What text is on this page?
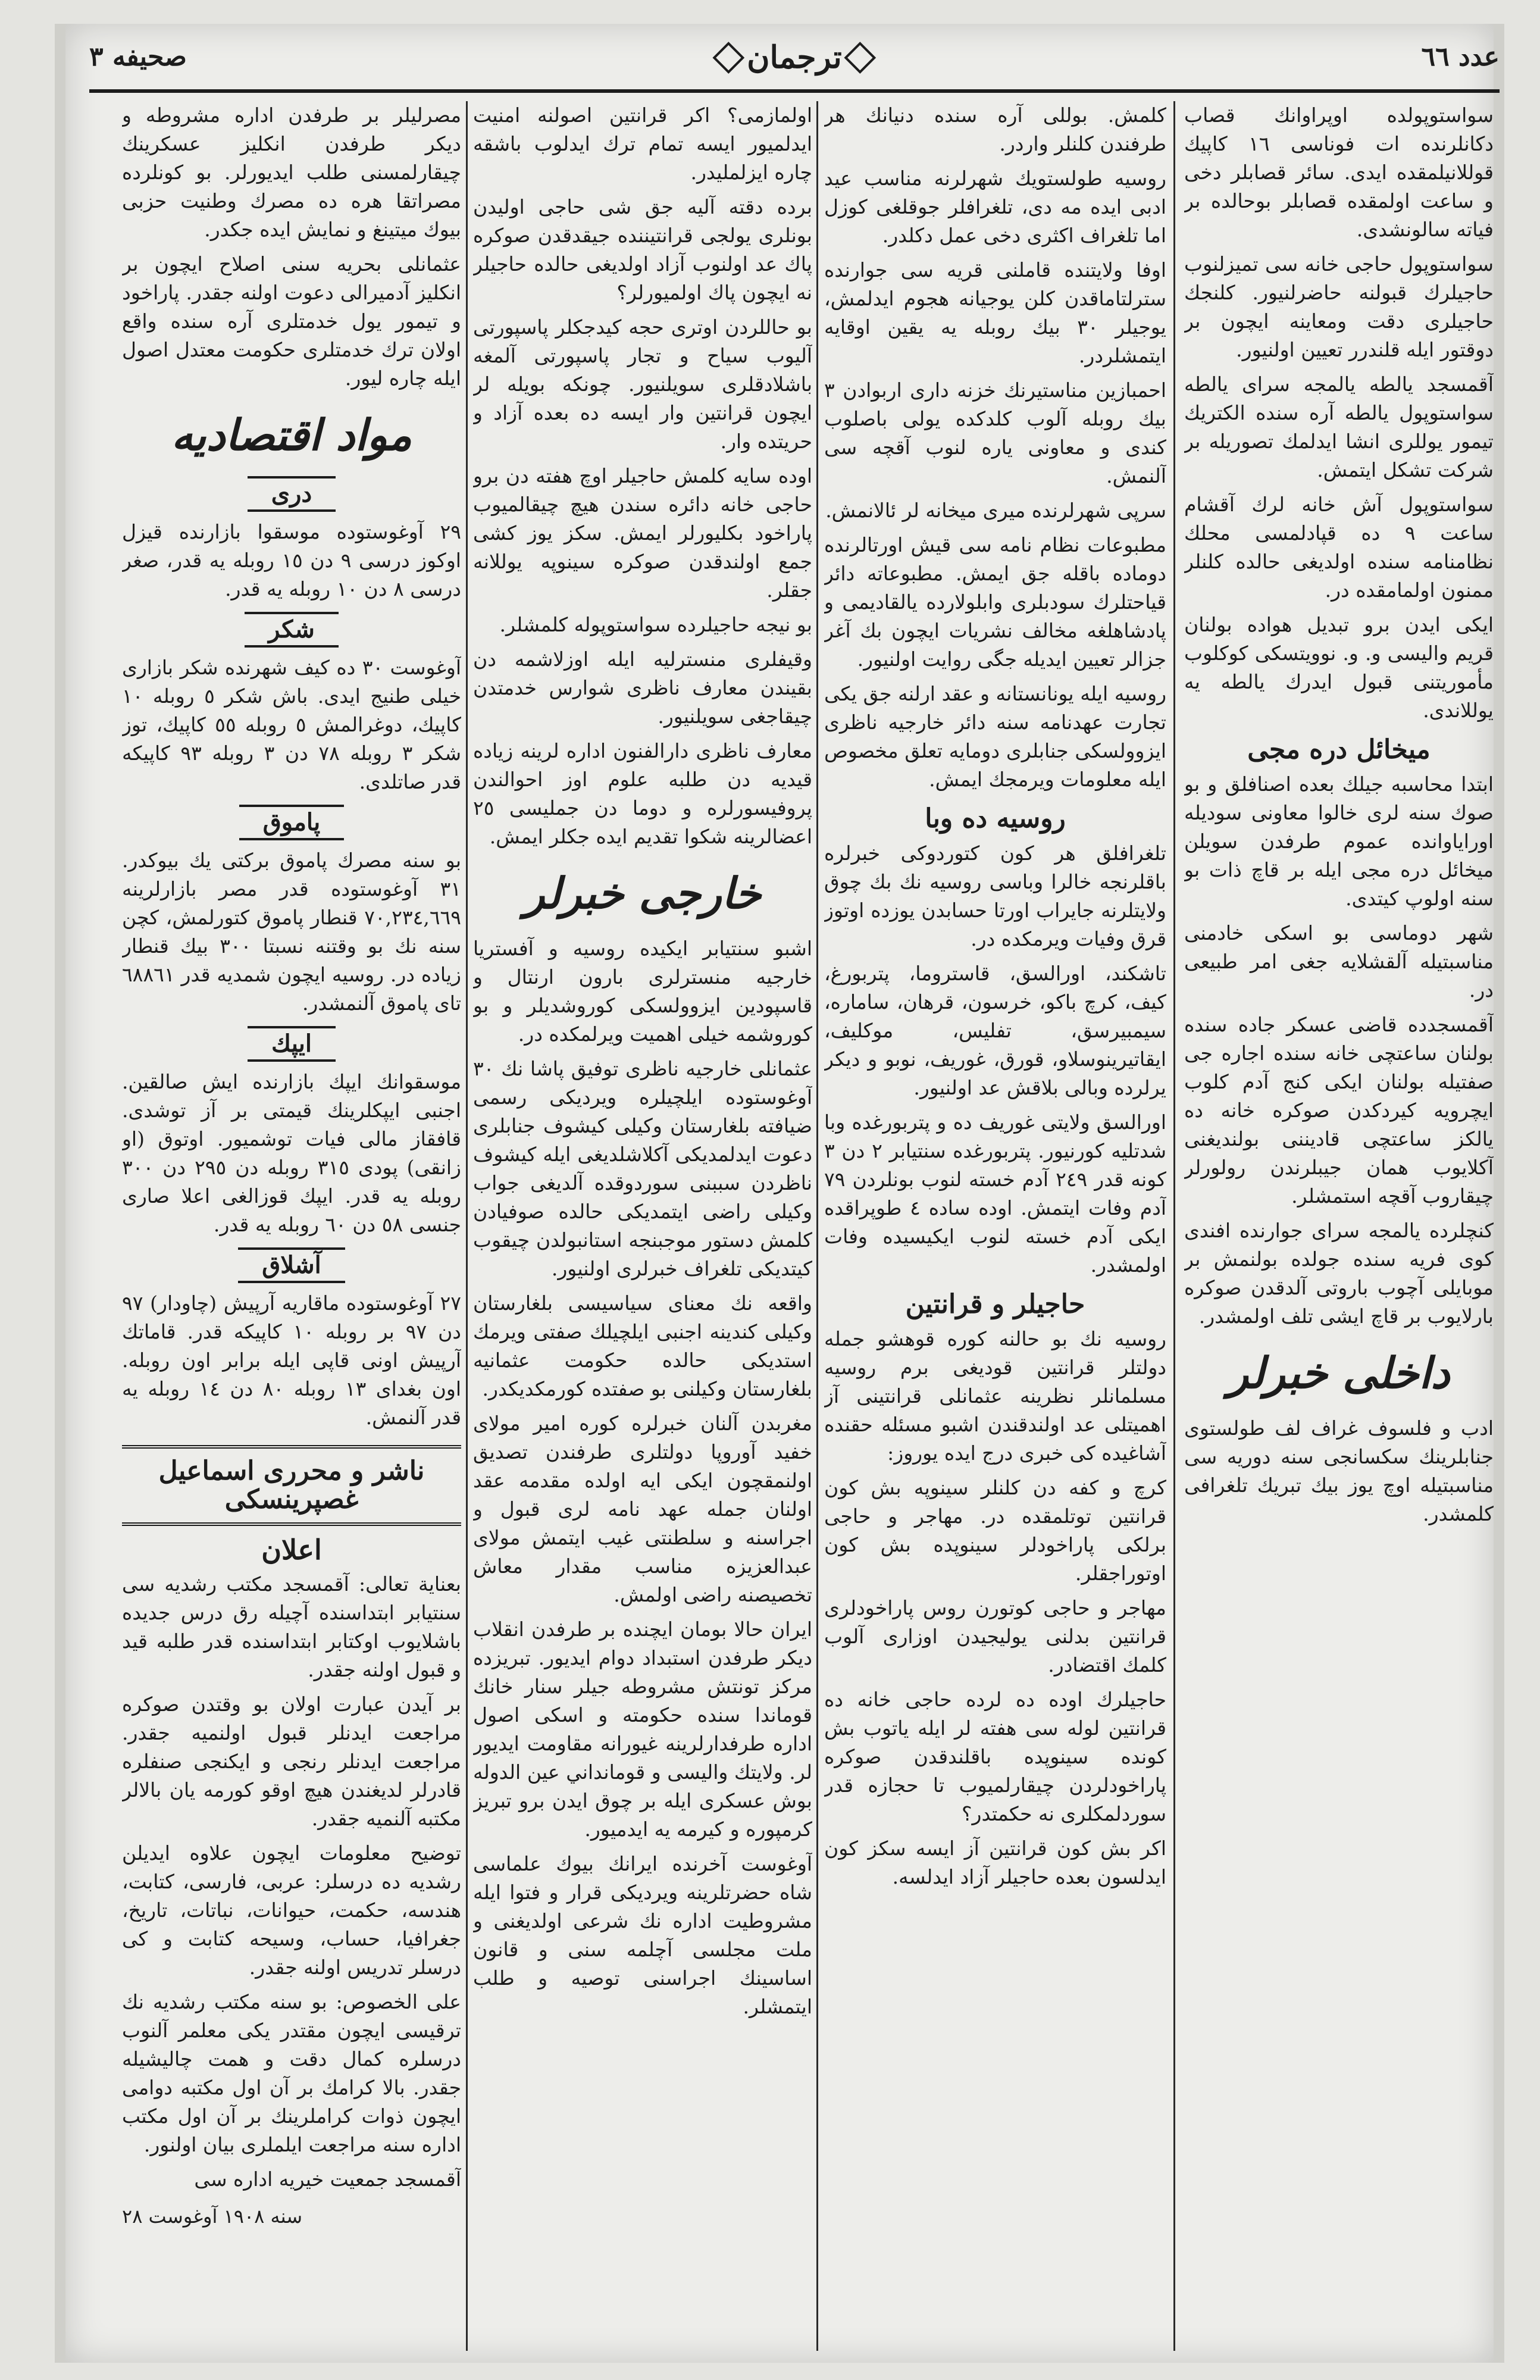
عدد ٦٦
ترجمان
صحيفه ٣

سواستوپولده اوپراوانك قصاب دكانلرنده ات فوناسى ١٦ كاپيك قوللانيلمقده ايدى. سائر قصابلر دخى و ساعت اولمقده قصابلر بوحالده بر فياته سالونشدى.

سواستوپول حاجى خانه سى تميزلنوب حاجيلرك قبولنه حاضرلنيور. كلنجك حاجيلرى دقت ومعاينه ايچون بر دوقتور ايله قلندرر تعيين اولنيور.

آقمسجد يالطه يالمجه سراى يالطه سواستوپول يالطه آره سنده الكتريك تيمور يوللرى انشا ايدلمك تصوريله بر شركت تشكل ايتمش.

سواستوپول آش خانه لرك آقشام ساعت ٩ ده قپادلمسى محلك نظامنامه سنده اولديغى حالده كلنلر ممنون اولمامقده در.

ايكى ايدن برو تبديل هواده بولنان قريم واليسى و. و. نوويتسكى كوكلوب مأموريتنى قبول ايدرك يالطه يه يوللاندى.

ميخائل دره مجى

ابتدا محاسبه جيلك بعده اصنافلق و بو صوك سنه لرى خالوا معاونى سوديله اوراياوانده عموم طرفدن سويلن ميخائل دره مجى ايله بر قاچ ذات بو سنه اولوپ كيتدى.

شهر دوماسى بو اسكى خادمنى مناسبتيله آلقشلايه جغى امر طبيعى در.

آقمسجدده قاضى عسكر جاده سنده بولنان ساعتچى خانه سنده اجاره جى صفتيله بولنان ايكى كنج آدم كلوب ايچرويه كيردكدن صوكره خانه ده يالكز ساعتچى قاديننى بولنديغنى آكلايوب همان جيبلرندن رولورلر چيقاروب آقچه استمشلر.

كنچلرده يالمجه سراى جوارنده افندى كوى فريه سنده جولده بولنمش بر موبايلى آچوب باروتى آلدقدن صوكره بارلايوب بر قاچ ايشى تلف اولمشدر.

داخلى خبرلر

ادب و فلسوف غراف لف طولستوى جنابلرينك سكسانجى سنه دوريه سى مناسبتيله اوچ يوز بيك تبريك تلغرافى كلمشدر.

كلمش. بوللى آره سنده دنيانك هر طرفندن كلنلر واردر.

روسيه طولستويك شهرلرنه مناسب عيد ادبى ايده مه دى، تلغرافلر جوقلغى كوزل اما تلغراف اكثرى دخى عمل دكلدر.

اوفا ولايتنده قاملنى قريه سى جوارنده سترلتاماقدن كلن يوجيانه هجوم ايدلمش، يوجيلر ٣٠ بيك روبله يه يقين اوقايه ايتمشلردر.

احمبازين مناستيرنك خزنه دارى اربوادن ٣ بيك روبله آلوب كلدكده يولى باصلوب كندى و معاونى ياره لنوب آقچه سى آلنمش.

سرپى شهرلرنده ميرى ميخانه لر ئالانمش.

مطبوعات نظام نامه سى قيش اورتالرنده دوماده باقله جق ايمش. مطبوعاته دائر قياحتلرك سودبلرى وابلولارده يالقاديمى و پادشاهلغه مخالف نشريات ايچون بك آغر جزالر تعيين ايديله جگى روايت اولنيور.

روسيه ايله يونانستانه و عقد ارلنه جق يكى تجارت عهدنامه سنه دائر خارجيه ناظرى ايزوولسكى جنابلرى دومايه تعلق مخصوص ايله معلومات ويرمجك ايمش.

روسيه ده وبا

تلغرافلق هر كون كتوردوكى خبرلره باقلرنجه خالرا وباسى روسيه نك بك چوق ولايتلرنه جايراب اورتا حسابدن يوزده اوتوز قرق وفيات ويرمكده در.

تاشكند، اورالسق، قاستروما، پتربورغ، كيف، كرچ باكو، خرسون، قرهان، ساماره، سيمبيرسق، تفليس، موكليف، ايقاتيرينوسلاو، قورق، غوريف، نوبو و ديكر يرلرده وبالى بلاقش عد اولنيور.

اورالسق ولايتى غوريف ده و پتربورغده وبا شدتليه كورنيور. پتربورغده سنتيابر ٢ دن ٣ كونه قدر ٢٤٩ آدم خسته لنوب بونلردن ٧٩ آدم وفات ايتمش. اوده ساده ٤ طوپراقده ايكى آدم خسته لنوب ايكيسيده وفات اولمشدر.

حاجيلر و قرانتين

روسيه نك بو حالنه كوره قوهشو جمله دولتلر قرانتين قوديغى برم روسيه مسلمانلر نظرينه عثمانلى قرانتينى آز اهميتلى عد اولندقندن اشبو مسئله حقنده آشاغيده كى خبرى درج ايده يوروز:

كرچ و كفه دن كلنلر سينوپه بش كون قرانتين توتلمقده در. مهاجر و حاجى برلكى پاراخودلر سينوپده بش كون اوتوراجقلر.

مهاجر و حاجى كوتورن روس پاراخودلرى قرانتين بدلنى يوليجيدن اوزارى آلوب كلمك اقتضادر.

حاجيلرك اوده ده لرده حاجى خانه ده قرانتين لوله سى هفته لر ايله ياتوب بش كونده سينوپده باقلندقدن صوكره پاراخودلردن چيقارلميوب تا حجازه قدر سوردلمكلرى نه حكمتدر؟

اكر بش كون قرانتين آز ايسه سكز كون ايدلسون بعده حاجيلر آزاد ايدلسه.

اولمازمى؟ اكر قرانتين اصولنه امنيت ايدلميور ايسه تمام ترك ايدلوب باشقه چاره ايزلمليدر.

برده دقته آليه جق شى حاجى اوليدن بونلرى يولجى قرانتيننده جيقدقدن صوكره پاك عد اولنوب آزاد اولديغى حالده حاجيلر نه ايچون پاك اولميورلر؟

بو حاللردن اوترى حجه كيدجكلر پاسپورتى آليوب سياح و تجار پاسپورتى آلمغه باشلادقلرى سويلنيور. چونكه بويله لر ايچون قرانتين وار ايسه ده بعده آزاد و حريتده وار.

اوده سايه كلمش حاجيلر اوچ هفته دن برو حاجى خانه دائره سندن هيچ چيقالميوب پاراخود بكليورلر ايمش. سكز يوز كشى جمع اولندقدن صوكره سينوپه يوللانه جقلر.

بو نيجه حاجيلرده سواستوپوله كلمشلر.

وقيفلرى منسترليه ايله اوزلاشمه دن بقيندن معارف ناظرى شوارس خدمتدن چيقاجغى سويلنيور.

معارف ناظرى دارالفنون اداره لرينه زياده قيديه دن طلبه علوم اوز احوالندن پروفيسورلره و دوما دن جمليسى ٢٥ اعضالرينه شكوا تقديم ايده جكلر ايمش.

خارجى خبرلر

اشبو سنتيابر ايكيده روسيه و آفستريا خارجيه منسترلرى بارون ارنتال و قاسپودين ايزوولسكى كوروشديلر و بو كوروشمه خيلى اهميت ويرلمكده در.

عثمانلى خارجيه ناظرى توفيق پاشا نك ٣٠ آوغوستوده ايلچيلره ويرديكى رسمى ضيافته بلغارستان وكيلى كيشوف جنابلرى دعوت ايدلمديكى آكلاشلديغى ايله كيشوف ناظردن سببنى سوردوقده آلديغى جواب وكيلى راضى ايتمديكى حالده صوفيادن كلمش دستور موجبنجه استانبولدن چيقوب كيتديكى تلغراف خبرلرى اولنيور.

واقعه نك معناى سياسيسى بلغارستان وكيلى كندينه اجنبى ايلچيلك صفتى ويرمك استديكى حالده حكومت عثمانيه بلغارستان وكيلنى بو صفتده كورمكديكدر.

مغربدن آلنان خبرلره كوره امير مولاى خفيد آوروپا دولتلرى طرفندن تصديق اولنمقچون ايكى ايه اولده مقدمه عقد اولنان جمله عهد نامه لرى قبول و اجراسنه و سلطنتى غيب ايتمش مولاى عبدالعزيزه مناسب مقدار معاش تخصيصنه راضى اولمش.

ايران حالا بومان ايچنده بر طرفدن انقلاب ديكر طرفدن استبداد دوام ايديور. تبريزده مركز تونتش مشروطه جيلر سنار خانك قوماندا سنده حكومته و اسكى اصول اداره طرفدارلرينه غيورانه مقاومت ايديور لر. ولايتك واليسى و قومانداني عين الدوله بوش عسكرى ايله بر چوق ايدن برو تبريز كرمپوره و كيرمه يه ايدميور.

آوغوست آخرنده ايرانك بيوك علماسى شاه حضرتلرينه ويرديكى قرار و فتوا ايله مشروطيت اداره نك شرعى اولديغنى و ملت مجلسى آچلمه سنى و قانون اساسينك اجراسنى توصيه و طلب ايتمشلر.

مصرليلر بر طرفدن اداره مشروطه و ديكر طرفدن انكليز عسكرينك چيقارلمسنى طلب ايديورلر. بو كونلرده مصراتقا هره ده مصرك وطنيت حزبى بيوك ميتينغ و نمايش ايده جكدر.

عثمانلى بحريه سنى اصلاح ايچون بر انكليز آدميرالى دعوت اولنه جقدر. پاراخود و تيمور يول خدمتلرى آره سنده واقع اولان ترك خدمتلرى حكومت معتدل اصول ايله چاره ليور.

مواد اقتصاديه
درى

٢٩ آوغوستوده موسقوا بازارنده قيزل اوكوز درسى ٩ دن ١٥ روبله يه قدر، صغر درسى ٨ دن ١٠ روبله يه قدر.

شكر

آوغوست ٣٠ ده كيف شهرنده شكر بازارى خيلى طنيج ايدى. باش شكر ٥ روبله ١٠ كاپيك، دوغرالمش ٥ روبله ٥٥ كاپيك، توز شكر ٣ روبله ٧٨ دن ٣ روبله ٩٣ كاپيكه قدر صاتلدى.

پاموق

بو سنه مصرك پاموق بركتى يك بيوكدر. ٣١ آوغوستوده قدر مصر بازارلرينه ٧٠,٢٣٤,٦٦٩ قنطار پاموق كتورلمش، كچن سنه نك بو وقتنه نسبتا ٣٠٠ بيك قنطار زياده در. روسيه ايچون شمديه قدر ٦٨٨٦١ تاى پاموق آلنمشدر.

ايپك

موسقوانك ايپك بازارنده ايش صالقين. اجنبى ايپكلرينك قيمتى بر آز توشدى. قافقاز مالى فيات توشميور. اوتوق (او زانقى) پودى ٣١٥ روبله دن ٢٩٥ دن ٣٠٠ روبله يه قدر. ايپك قوزالغى اعلا صارى جنسى ٥٨ دن ٦٠ روبله يه قدر.

آشلاق

٢٧ آوغوستوده ماقاريه آرپيش (چاودار) ٩٧ دن ٩٧ بر روبله ١٠ كاپيكه قدر. قاماتك آرپيش اونى قاپى ايله برابر اون روبله. اون بغداى ١٣ روبله ٨٠ دن ١٤ روبله يه قدر آلنمش.

ناشر و محررى اسماعيل غصپرينسكى
اعلان

بعناية تعالى: آقمسجد مكتب رشديه سى سنتيابر ابتداسنده آچيله رق درس جديده باشلايوب اوكتابر ابتداسنده قدر طلبه قيد و قبول اولنه جقدر.

بر آيدن عبارت اولان بو وقتدن صوكره مراجعت ايدنلر قبول اولنميه جقدر. مراجعت ايدنلر رنجى و ايكنجى صنفلره قادرلر لديغندن هيچ اوقو كورمه يان بالالر مكتبه آلنميه جقدر.

توضيح معلومات ايچون علاوه ايديلن رشديه ده درسلر: عربى، فارسى، كتابت، هندسه، حكمت، حيوانات، نباتات، تاريخ، جغرافيا، حساب، وسيحه كتابت و كى درسلر تدريس اولنه جقدر.

على الخصوص: بو سنه مكتب رشديه نك ترقيسى ايچون مقتدر يكى معلمر آلنوب درسلره كمال دقت و همت چاليشيله جقدر. بالا كرامك بر آن اول مكتبه دوامى ايچون ذوات كراملرينك بر آن اول مكتب اداره سنه مراجعت ايلملرى بيان اولنور.

آقمسجد جمعيت خيريه اداره سى

سنه ١٩٠٨ آوغوست ٢٨
